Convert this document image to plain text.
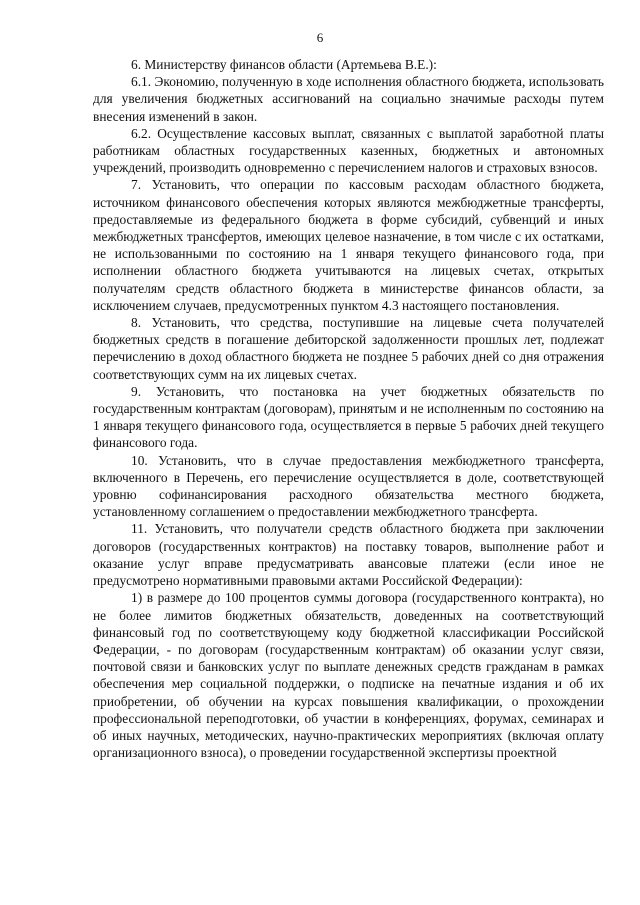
6

6. Министерству финансов области (Артемьева В.Е.):

6.1. Экономию, полученную в ходе исполнения областного бюджета, использовать для увеличения бюджетных ассигнований на социально значимые расходы путем внесения изменений в закон.

6.2. Осуществление кассовых выплат, связанных с выплатой заработной платы работникам областных государственных казенных, бюджетных и автономных учреждений, производить одновременно с перечислением налогов и страховых взносов.

7. Установить, что операции по кассовым расходам областного бюджета, источником финансового обеспечения которых являются межбюджетные трансферты, предоставляемые из федерального бюджета в форме субсидий, субвенций и иных межбюджетных трансфертов, имеющих целевое назначение, в том числе с их остатками, не использованными по состоянию на 1 января текущего финансового года, при исполнении областного бюджета учитываются на лицевых счетах, открытых получателям средств областного бюджета в министерстве финансов области, за исключением случаев, предусмотренных пунктом 4.3 настоящего постановления.

8. Установить, что средства, поступившие на лицевые счета получателей бюджетных средств в погашение дебиторской задолженности прошлых лет, подлежат перечислению в доход областного бюджета не позднее 5 рабочих дней со дня отражения соответствующих сумм на их лицевых счетах.

9. Установить, что постановка на учет бюджетных обязательств по государственным контрактам (договорам), принятым и не исполненным по состоянию на 1 января текущего финансового года, осуществляется в первые 5 рабочих дней текущего финансового года.

10. Установить, что в случае предоставления межбюджетного трансферта, включенного в Перечень, его перечисление осуществляется в доле, соответствующей уровню софинансирования расходного обязательства местного бюджета, установленному соглашением о предоставлении межбюджетного трансферта.

11. Установить, что получатели средств областного бюджета при заключении договоров (государственных контрактов) на поставку товаров, выполнение работ и оказание услуг вправе предусматривать авансовые платежи (если иное не предусмотрено нормативными правовыми актами Российской Федерации):

1) в размере до 100 процентов суммы договора (государственного контракта), но не более лимитов бюджетных обязательств, доведенных на соответствующий финансовый год по соответствующему коду бюджетной классификации Российской Федерации, - по договорам (государственным контрактам) об оказании услуг связи, почтовой связи и банковских услуг по выплате денежных средств гражданам в рамках обеспечения мер социальной поддержки, о подписке на печатные издания и об их приобретении, об обучении на курсах повышения квалификации, о прохождении профессиональной переподготовки, об участии в конференциях, форумах, семинарах и об иных научных, методических, научно-практических мероприятиях (включая оплату организационного взноса), о проведении государственной экспертизы проектной
